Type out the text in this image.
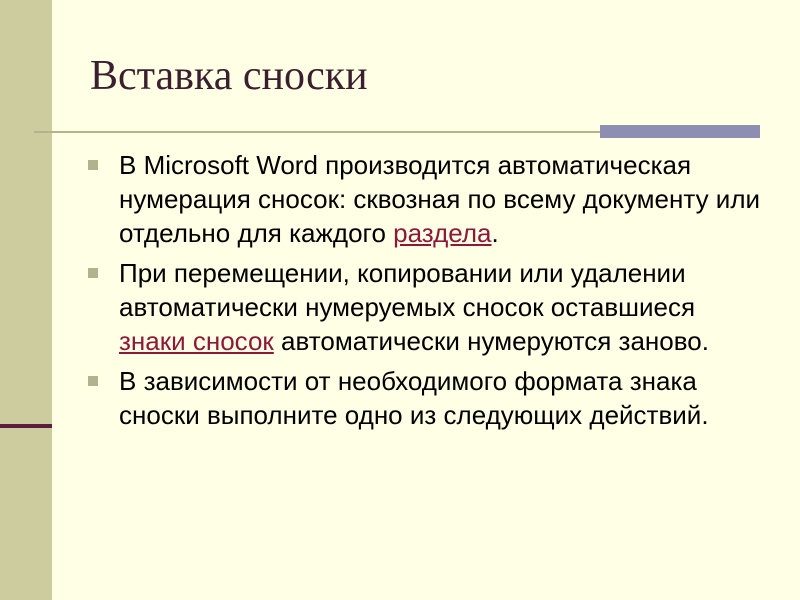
Вставка сноски
В Microsoft Word производится автоматическая нумерация сносок: сквозная по всему документу или отдельно для каждого раздела.
При перемещении, копировании или удалении автоматически нумеруемых сносок оставшиеся знаки сносок автоматически нумеруются заново.
В зависимости от необходимого формата знака сноски выполните одно из следующих действий.
